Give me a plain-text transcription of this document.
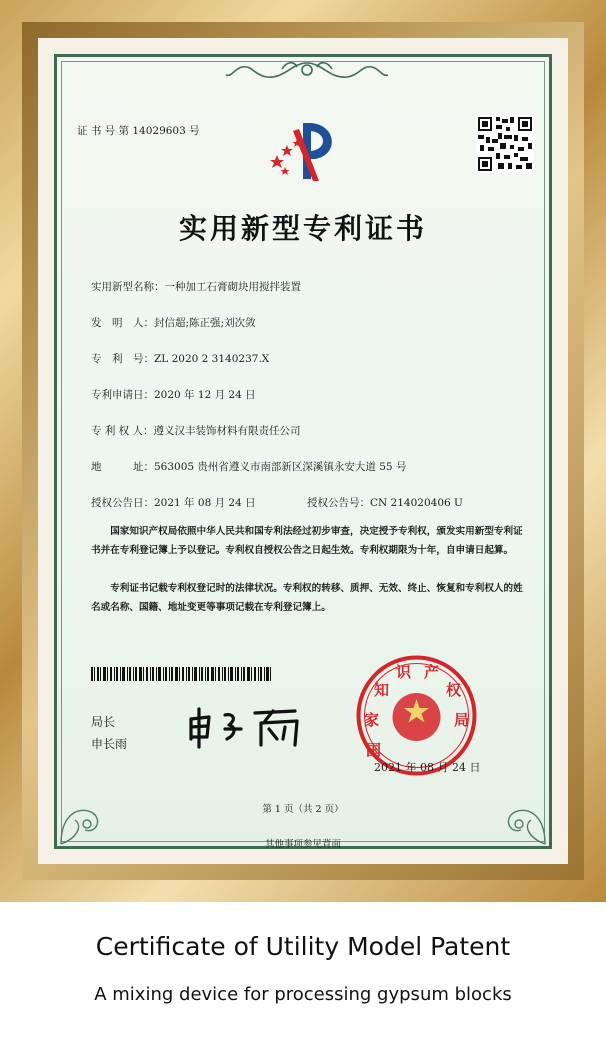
证 书 号 第 14029603 号
实用新型专利证书
实用新型名称：一种加工石膏砌块用搅拌装置
发　明　人：封信超;陈正强;刘次敛
专　利　号：ZL 2020 2 3140237.X
专利申请日：2020 年 12 月 24 日
专 利 权 人：遵义汉丰装饰材料有限责任公司
地　　　址：563005 贵州省遵义市南部新区深溪镇永安大道 55 号
授权公告日：2021 年 08 月 24 日	授权公告号：CN 214020406 U
国家知识产权局依照中华人民共和国专利法经过初步审查，决定授予专利权，颁发实用新型专利证书并在专利登记簿上予以登记。专利权自授权公告之日起生效。专利权期限为十年，自申请日起算。
专利证书记载专利权登记时的法律状况。专利权的转移、质押、无效、终止、恢复和专利权人的姓名或名称、国籍、地址变更等事项记载在专利登记簿上。
局长
申长雨	国
家
知
识 产
权
局
2021 年 08 月 24 日
第 1 页（共 2 页）
其他事项参见背面
Certificate of Utility Model Patent
A mixing device for processing gypsum blocks
